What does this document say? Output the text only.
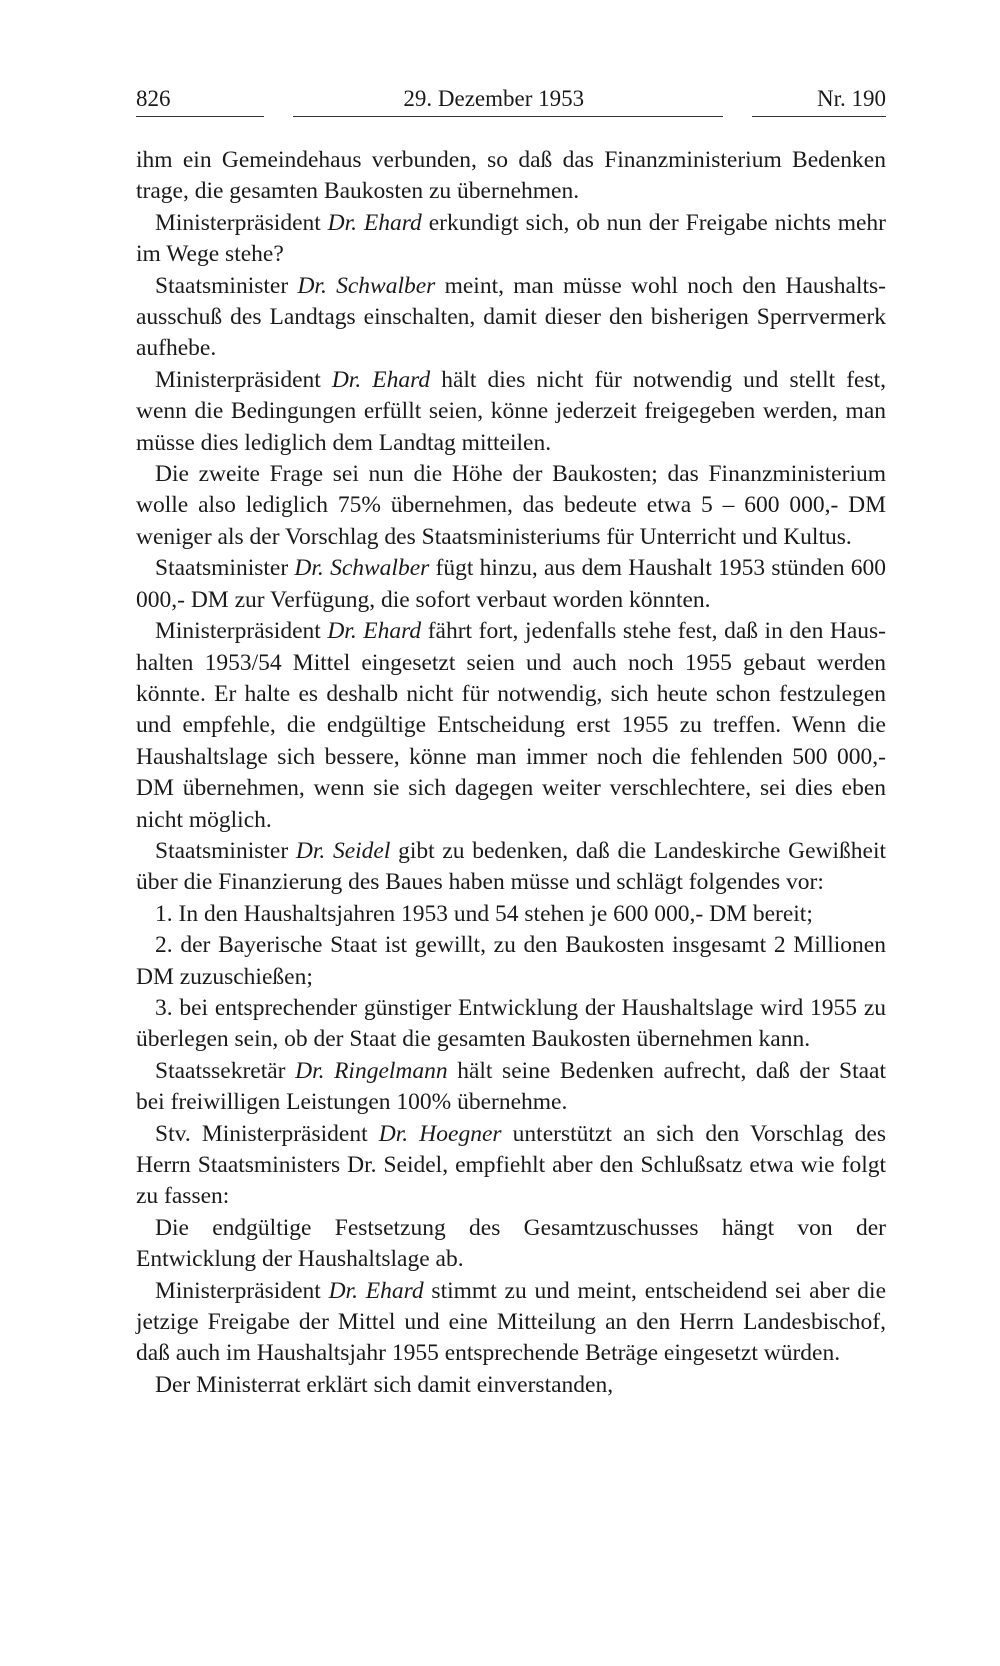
826	29. Dezember 1953	Nr. 190

ihm ein Gemeindehaus verbunden, so daß das Finanzministerium Bedenken trage, die gesamten Baukosten zu übernehmen.

Ministerpräsident Dr. Ehard erkundigt sich, ob nun der Freigabe nichts mehr im Wege stehe?

Staatsminister Dr. Schwalber meint, man müsse wohl noch den Haushalts-ausschuß des Landtags einschalten, damit dieser den bisherigen Sperrvermerk aufhebe.

Ministerpräsident Dr. Ehard hält dies nicht für notwendig und stellt fest, wenn die Bedingungen erfüllt seien, könne jederzeit freigegeben werden, man müsse dies lediglich dem Landtag mitteilen.

Die zweite Frage sei nun die Höhe der Baukosten; das Finanzministerium wolle also lediglich 75% übernehmen, das bedeute etwa 5 – 600 000,- DM weniger als der Vorschlag des Staatsministeriums für Unterricht und Kultus.

Staatsminister Dr. Schwalber fügt hinzu, aus dem Haushalt 1953 stünden 600 000,- DM zur Verfügung, die sofort verbaut worden könnten.

Ministerpräsident Dr. Ehard fährt fort, jedenfalls stehe fest, daß in den Haus-halten 1953/54 Mittel eingesetzt seien und auch noch 1955 gebaut werden könnte. Er halte es deshalb nicht für notwendig, sich heute schon festzulegen und empfehle, die endgültige Entscheidung erst 1955 zu treffen. Wenn die Haushaltslage sich bessere, könne man immer noch die fehlenden 500 000,- DM übernehmen, wenn sie sich dagegen weiter verschlechtere, sei dies eben nicht möglich.

Staatsminister Dr. Seidel gibt zu bedenken, daß die Landeskirche Gewißheit über die Finanzierung des Baues haben müsse und schlägt folgendes vor:

1. In den Haushaltsjahren 1953 und 54 stehen je 600 000,- DM bereit;

2. der Bayerische Staat ist gewillt, zu den Baukosten insgesamt 2 Millionen DM zuzuschießen;

3. bei entsprechender günstiger Entwicklung der Haushaltslage wird 1955 zu überlegen sein, ob der Staat die gesamten Baukosten übernehmen kann.

Staatssekretär Dr. Ringelmann hält seine Bedenken aufrecht, daß der Staat bei freiwilligen Leistungen 100% übernehme.

Stv. Ministerpräsident Dr. Hoegner unterstützt an sich den Vorschlag des Herrn Staatsministers Dr. Seidel, empfiehlt aber den Schlußsatz etwa wie folgt zu fassen:

Die endgültige Festsetzung des Gesamtzuschusses hängt von der Entwicklung der Haushaltslage ab.

Ministerpräsident Dr. Ehard stimmt zu und meint, entscheidend sei aber die jetzige Freigabe der Mittel und eine Mitteilung an den Herrn Landesbischof, daß auch im Haushaltsjahr 1955 entsprechende Beträge eingesetzt würden.

Der Ministerrat erklärt sich damit einverstanden,
